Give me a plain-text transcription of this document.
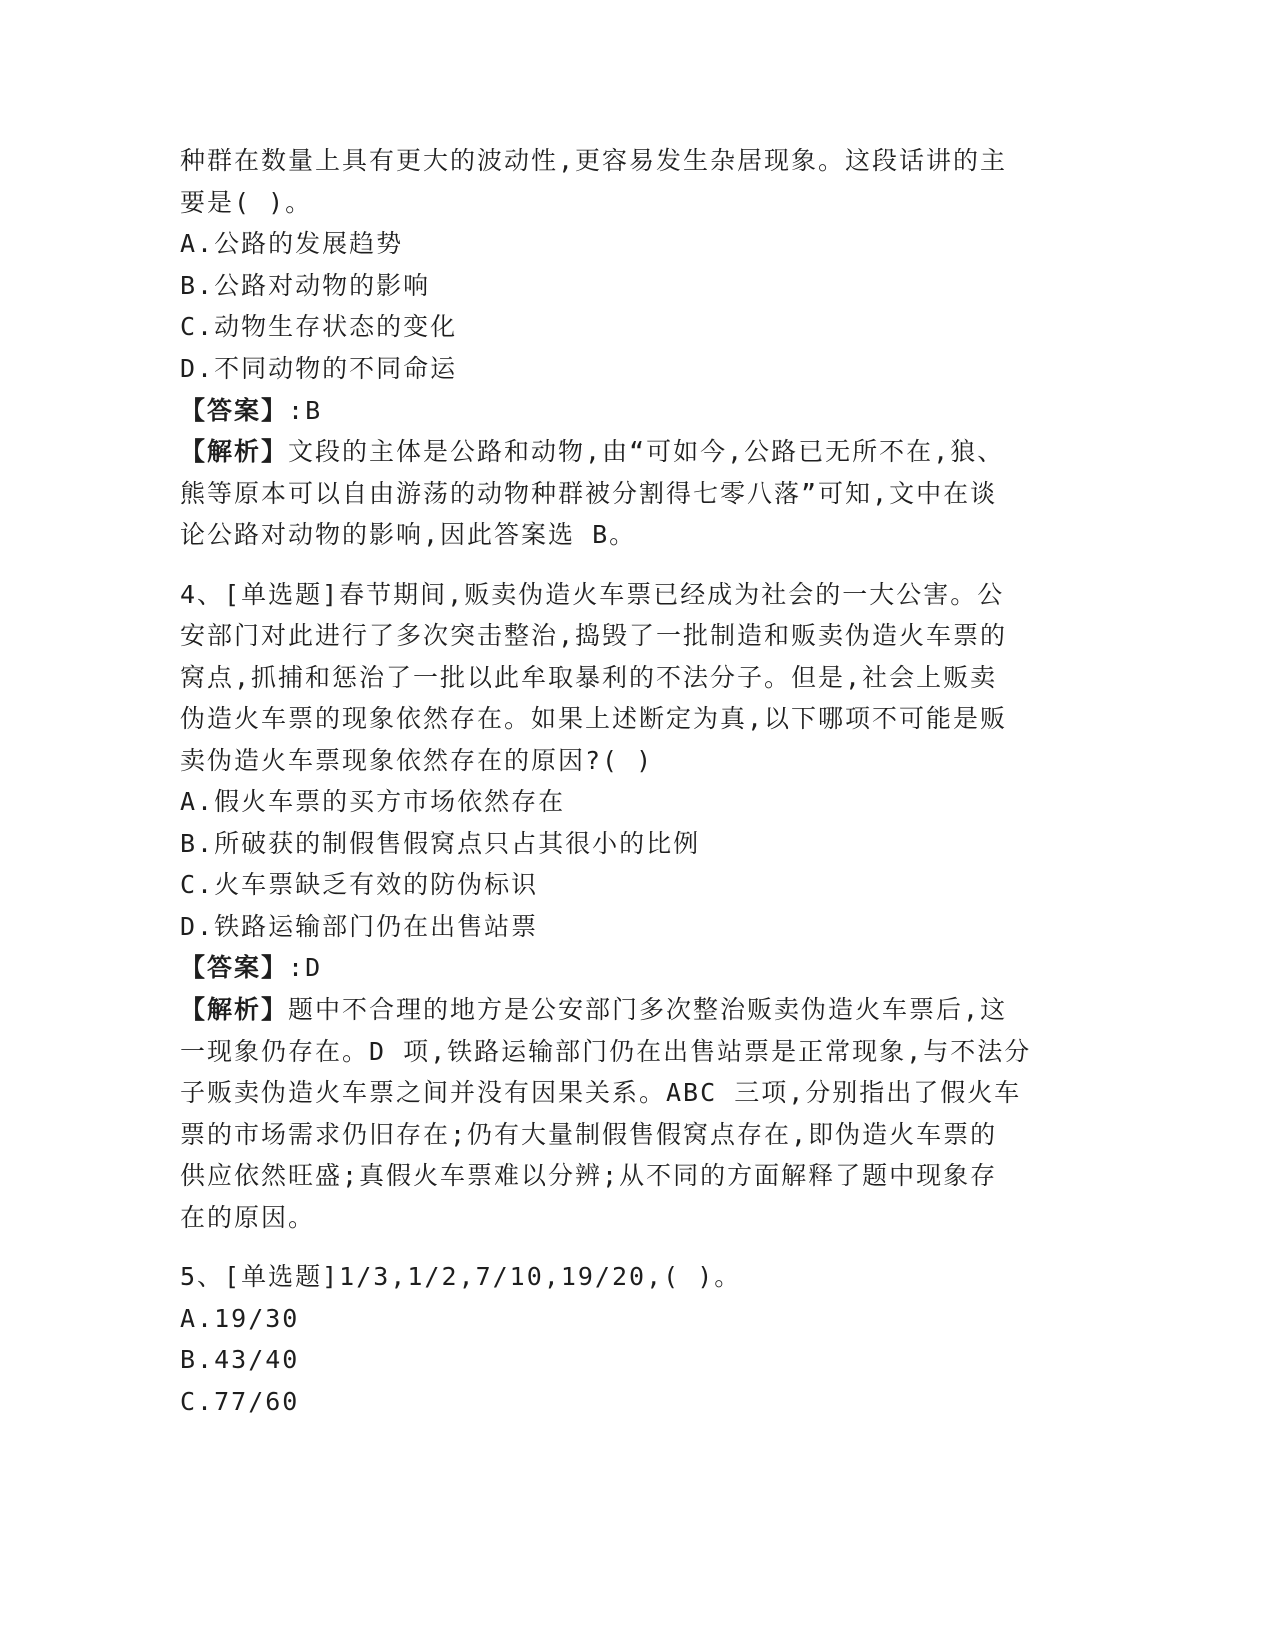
种群在数量上具有更大的波动性,更容易发生杂居现象。这段话讲的主
要是( )。
A.公路的发展趋势
B.公路对动物的影响
C.动物生存状态的变化
D.不同动物的不同命运
【答案】:B
【解析】文段的主体是公路和动物,由“可如今,公路已无所不在,狼、
熊等原本可以自由游荡的动物种群被分割得七零八落”可知,文中在谈
论公路对动物的影响,因此答案选 B。
4、[单选题]春节期间,贩卖伪造火车票已经成为社会的一大公害。公
安部门对此进行了多次突击整治,捣毁了一批制造和贩卖伪造火车票的
窝点,抓捕和惩治了一批以此牟取暴利的不法分子。但是,社会上贩卖
伪造火车票的现象依然存在。如果上述断定为真,以下哪项不可能是贩
卖伪造火车票现象依然存在的原因?( )
A.假火车票的买方市场依然存在
B.所破获的制假售假窝点只占其很小的比例
C.火车票缺乏有效的防伪标识
D.铁路运输部门仍在出售站票
【答案】:D
【解析】题中不合理的地方是公安部门多次整治贩卖伪造火车票后,这
一现象仍存在。D 项,铁路运输部门仍在出售站票是正常现象,与不法分
子贩卖伪造火车票之间并没有因果关系。ABC 三项,分别指出了假火车
票的市场需求仍旧存在;仍有大量制假售假窝点存在,即伪造火车票的
供应依然旺盛;真假火车票难以分辨;从不同的方面解释了题中现象存
在的原因。
5、[单选题]1/3,1/2,7/10,19/20,( )。
A.19/30
B.43/40
C.77/60
